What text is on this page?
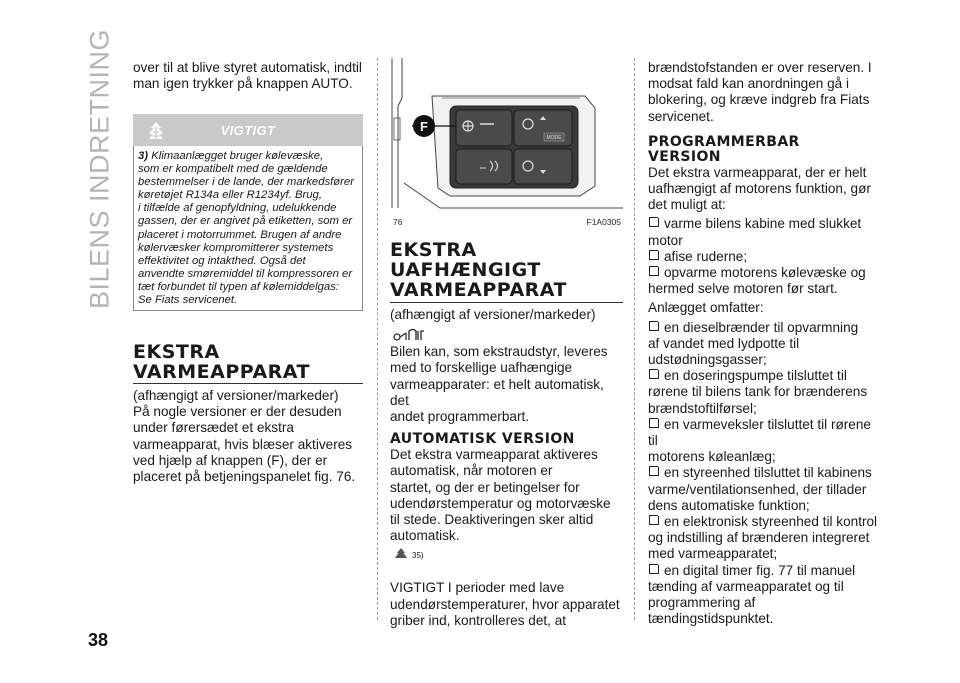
BILENS INDRETNING
38

over til at blive styret automatisk, indtil

man igen trykker på knappen AUTO.

VIGTIGT
3) Klimaanlægget bruger kølevæske,
som er kompatibelt med de gældende
bestemmelser i de lande, der markedsfører
køretøjet R134a eller R1234yf. Brug,
i tilfælde af genopfyldning, udelukkende
gassen, der er angivet på etiketten, som er
placeret i motorrummet. Brugen af andre
kølervæsker kompromitterer systemets
effektivitet og intakthed. Også det
anvendte smøremiddel til kompressoren er
tæt forbundet til typen af kølemiddelgas:
Se Fiats servicenet.

EKSTRA

VARMEAPPARAT

(afhængigt af versioner/markeder)

På nogle versioner er der desuden

under førersædet et ekstra

varmeapparat, hvis blæser aktiveres

ved hjælp af knappen (F), der er

placeret på betjeningspanelet fig. 76.

MODE
F
76	F1A0305

EKSTRA

UAFHÆNGIGT

VARMEAPPARAT

(afhængigt af versioner/markeder)

Bilen kan, som ekstraudstyr, leveres

med to forskellige uafhængige

varmeapparater: et helt automatisk, det

andet programmerbart.

AUTOMATISK VERSION

Det ekstra varmeapparat aktiveres

automatisk, når motoren er

startet, og der er betingelser for

udendørstemperatur og motorvæske

til stede. Deaktiveringen sker altid

automatisk.

35)

VIGTIGT I perioder med lave

udendørstemperaturer, hvor apparatet

griber ind, kontrolleres det, at

brændstofstanden er over reserven. I

modsat fald kan anordningen gå i

blokering, og kræve indgreb fra Fiats

servicenet.

PROGRAMMERBAR

VERSION

Det ekstra varmeapparat, der er helt

uafhængigt af motorens funktion, gør

det muligt at:

varme bilens kabine med slukket

motor

afise ruderne;

opvarme motorens kølevæske og

hermed selve motoren før start.

Anlægget omfatter:

en dieselbrænder til opvarmning

af vandet med lydpotte til

udstødningsgasser;

en doseringspumpe tilsluttet til

rørene til bilens tank for brænderens

brændstoftilførsel;

en varmeveksler tilsluttet til rørene til

motorens køleanlæg;

en styreenhed tilsluttet til kabinens

varme/ventilationsenhed, der tillader

dens automatiske funktion;

en elektronisk styreenhed til kontrol

og indstilling af brænderen integreret

med varmeapparatet;

en digital timer fig. 77 til manuel

tænding af varmeapparatet og til

programmering af tændingstidspunktet.
